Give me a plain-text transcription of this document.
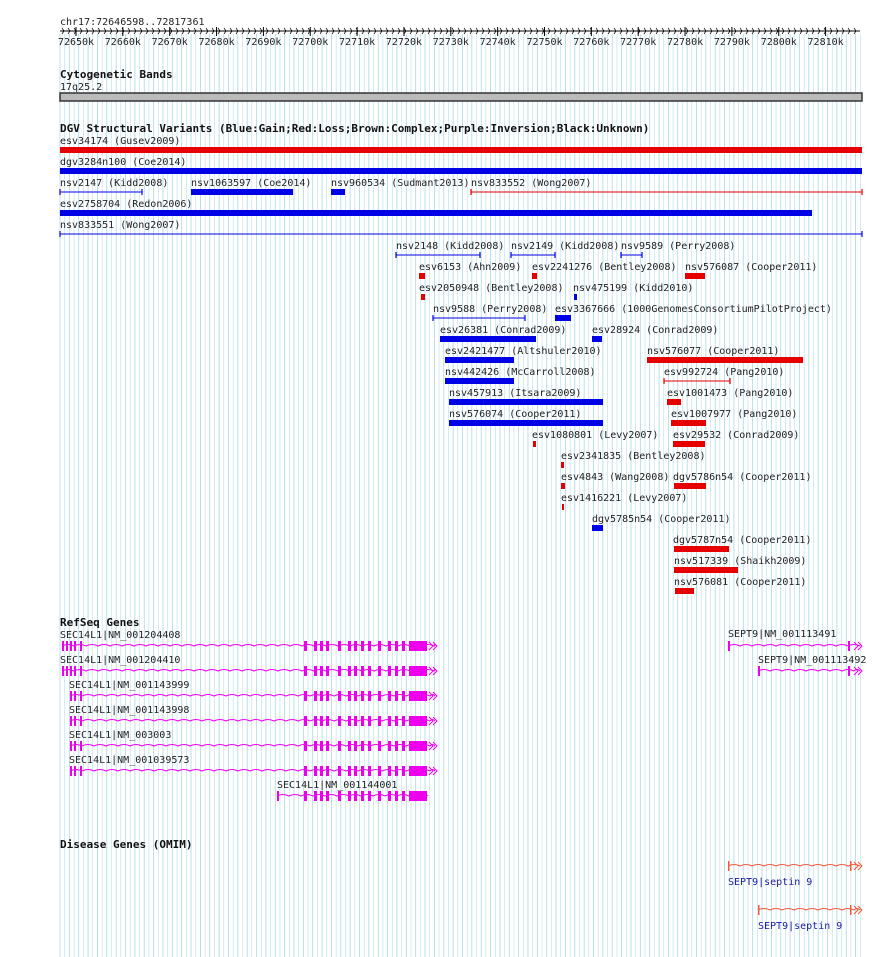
chr17:72646598..72817361
72650k 72660k 72670k 72680k 72690k 72700k 72710k 72720k 72730k 72740k 72750k 72760k 72770k 72780k 72790k 72800k 72810k
Cytogenetic Bands
17q25.2
DGV Structural Variants (Blue:Gain;Red:Loss;Brown:Complex;Purple:Inversion;Black:Unknown)
esv34174 (Gusev2009)
dgv3284n100 (Coe2014)
nsv2147 (Kidd2008) nsv1063597 (Coe2014) nsv960534 (Sudmant2013) nsv833552 (Wong2007)
esv2758704 (Redon2006)
nsv833551 (Wong2007)
nsv2148 (Kidd2008) nsv2149 (Kidd2008) nsv9589 (Perry2008)
esv6153 (Ahn2009) esv2241276 (Bentley2008) nsv576087 (Cooper2011)
esv2050948 (Bentley2008) nsv475199 (Kidd2010)
nsv9588 (Perry2008) esv3367666 (1000GenomesConsortiumPilotProject)
esv26381 (Conrad2009)	esv28924 (Conrad2009)
esv2421477 (Altshuler2010)	nsv576077 (Cooper2011)
nsv442426 (McCarroll2008)	esv992724 (Pang2010)
nsv457913 (Itsara2009)	esv1001473 (Pang2010)
nsv576074 (Cooper2011)	esv1007977 (Pang2010)
esv1080801 (Levy2007) esv29532 (Conrad2009)
esv2341835 (Bentley2008)
esv4843 (Wang2008) dgv5786n54 (Cooper2011)
esv1416221 (Levy2007)
dgv5785n54 (Cooper2011)
dgv5787n54 (Cooper2011)
nsv517339 (Shaikh2009)
nsv576081 (Cooper2011)
RefSeq Genes
SEC14L1|NM_001204408
SEC14L1|NM_001204410
SEC14L1|NM_001143999
SEC14L1|NM_001143998
SEC14L1|NM_003003
SEC14L1|NM_001039573
SEC14L1|NM_001144001
SEPT9|NM_001113491
SEPT9|NM_001113492
Disease Genes (OMIM)
SEPT9|septin 9
SEPT9|septin 9
